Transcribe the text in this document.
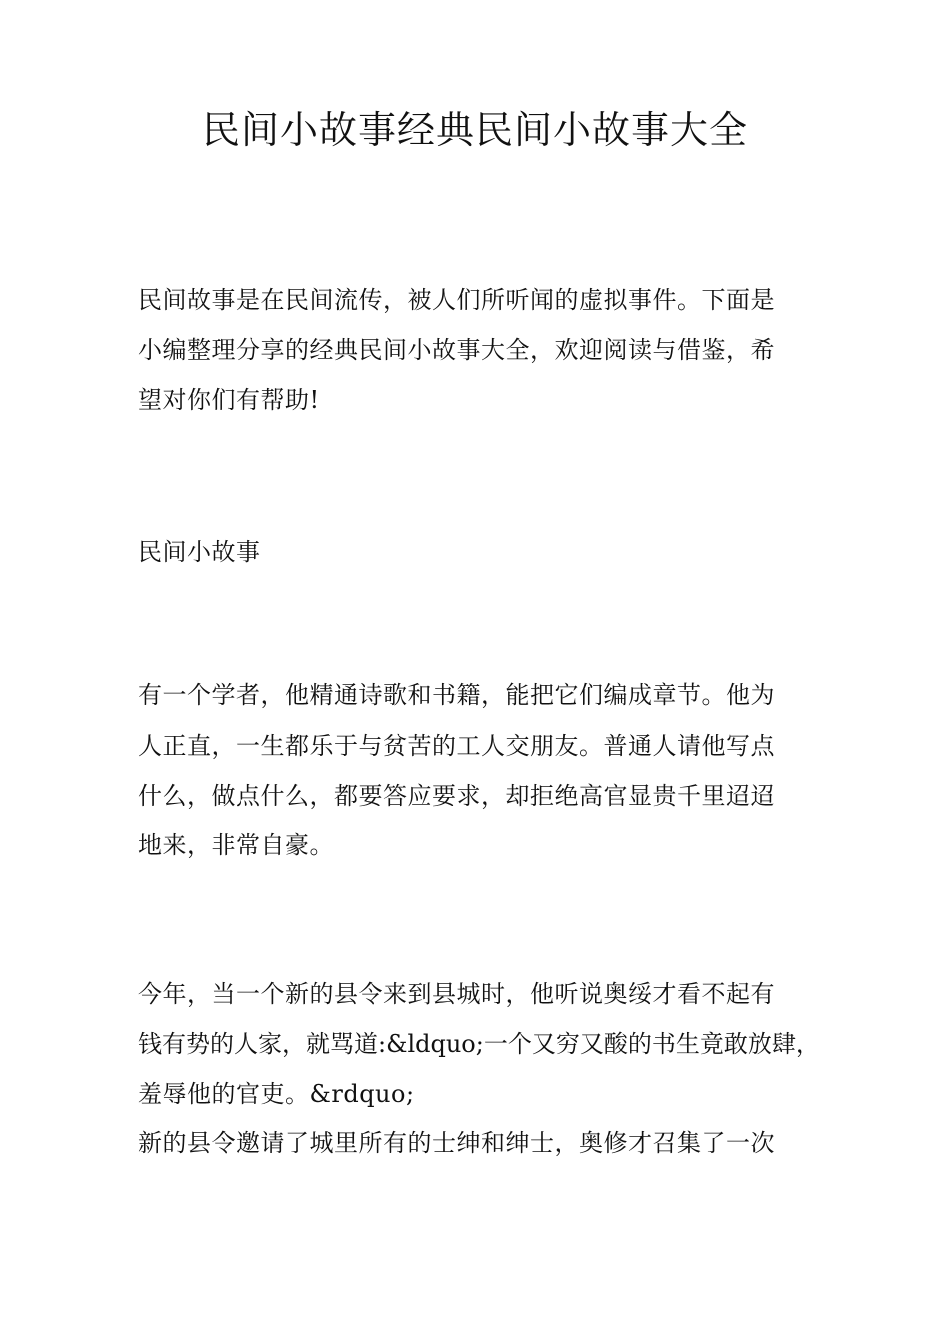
民间小故事经典民间小故事大全
民间故事是在民间流传，被人们所听闻的虚拟事件。下面是
小编整理分享的经典民间小故事大全，欢迎阅读与借鉴，希
望对你们有帮助!
民间小故事
有一个学者，他精通诗歌和书籍，能把它们编成章节。他为
人正直，一生都乐于与贫苦的工人交朋友。普通人请他写点
什么，做点什么，都要答应要求，却拒绝高官显贵千里迢迢
地来，非常自豪。
今年，当一个新的县令来到县城时，他听说奥绥才看不起有
钱有势的人家，就骂道:&ldquo;一个又穷又酸的书生竟敢放肆，
羞辱他的官吏。&rdquo;
新的县令邀请了城里所有的士绅和绅士，奥修才召集了一次
